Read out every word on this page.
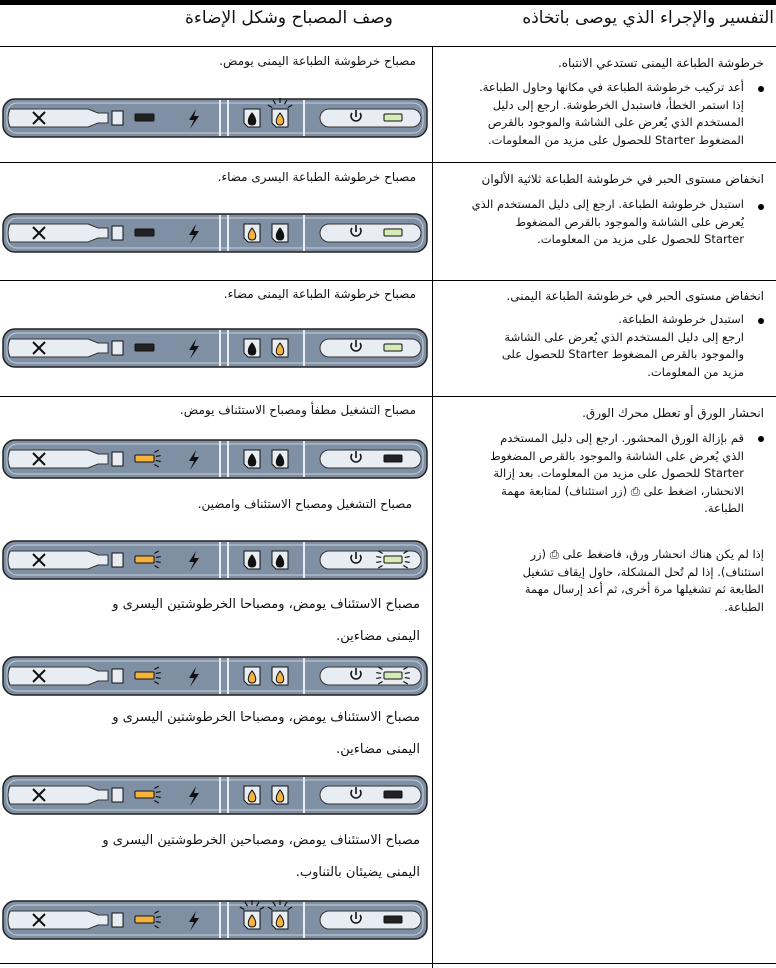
وصف المصباح وشكل الإضاءة	التفسير والإجراء الذي يوصى باتخاذه
مصباح خرطوشة الطباعة اليمنى يومض.	خرطوشة الطباعة اليمنى تستدعي الانتباه.
أعد تركيب خرطوشة الطباعة في مكانها وحاول الطباعة.
إذا استمر الخطأ، فاستبدل الخرطوشة. ارجع إلى دليل
المستخدم الذي يُعرض على الشاشة والموجود بالقرص
المضغوط Starter للحصول على مزيد من المعلومات.
مصباح خرطوشة الطباعة اليسرى مضاء.	انخفاض مستوى الحبر في خرطوشة الطباعة ثلاثية الألوان
استبدل خرطوشة الطباعة. ارجع إلى دليل المستخدم الذي
يُعرض على الشاشة والموجود بالقرص المضغوط
Starter للحصول على مزيد من المعلومات.
مصباح خرطوشة الطباعة اليمنى مضاء.	انخفاض مستوى الحبر في خرطوشة الطباعة اليمنى.
استبدل خرطوشة الطباعة.
ارجع إلى دليل المستخدم الذي يُعرض على الشاشة
والموجود بالقرص المضغوط Starter للحصول على
مزيد من المعلومات.
مصباح التشغيل مطفأ ومصباح الاستئناف يومض.	انحشار الورق أو تعطل محرك الورق.
قم بإزالة الورق المحشور. ارجع إلى دليل المستخدم
الذي يُعرض على الشاشة والموجود بالقرص المضغوط
Starter للحصول على مزيد من المعلومات. بعد إزالة
الانحشار، اضغط على ⎙ (زر استئناف) لمتابعة مهمة
الطباعة.
إذا لم يكن هناك انحشار ورق، فاضغط على ⎙ (زر
استئناف). إذا لم تُحل المشكلة، حاول إيقاف تشغيل
الطابعة ثم تشغيلها مرة أخرى، ثم أعد إرسال مهمة
الطباعة.
مصباح التشغيل ومصباح الاستئناف وامضين.
مصباح الاستئناف يومض، ومصباحا الخرطوشتين اليسرى و
اليمنى مضاءين.
مصباح الاستئناف يومض، ومصباحا الخرطوشتين اليسرى و
اليمنى مضاءين.
مصباح الاستئناف يومض، ومصباحين الخرطوشتين اليسرى و
اليمنى يضيئان بالتناوب.
